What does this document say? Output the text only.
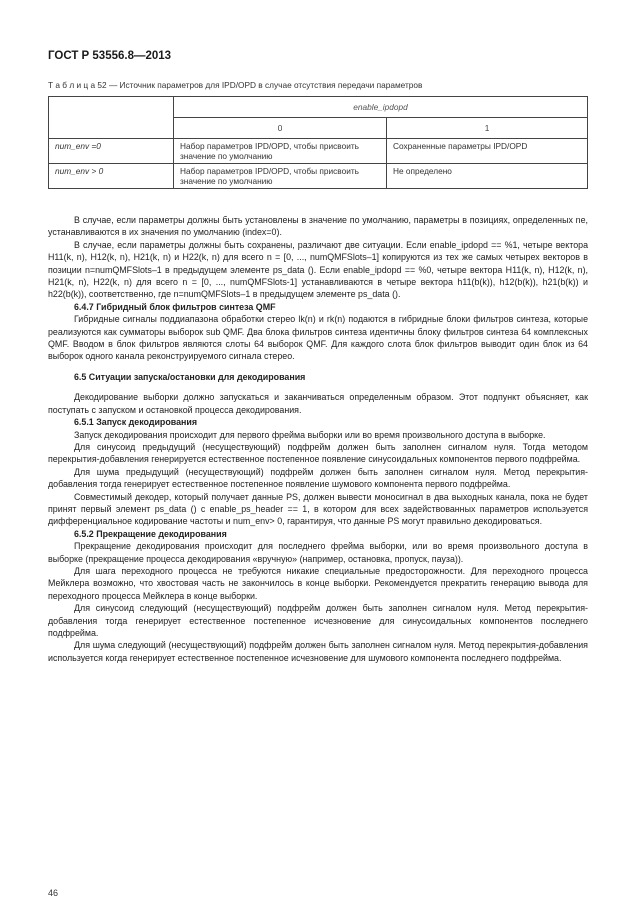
ГОСТ Р 53556.8—2013
Т а б л и ц а 52 — Источник параметров для IPD/OPD в случае отсутствия передачи параметров
	enable_ipdopd	
	0	1
num_env =0	Набор параметров IPD/OPD, чтобы присвоить значение по умолчанию	Сохраненные параметры IPD/OPD
num_env > 0	Набор параметров IPD/OPD, чтобы присвоить значение по умолчанию	Не определено

В случае, если параметры должны быть установлены в значение по умолчанию, параметры в позициях, определенных ne, устанавливаются в их значения по умолчанию (index=0).

В случае, если параметры должны быть сохранены, различают две ситуации. Если enable_ipdopd == %1, четыре вектора H11(k, n), H12(k, n), H21(k, n) и H22(k, n) для всего n = [0, ..., numQMFSlots–1] копируются из тех же самых четырех векторов в позиции n=numQMFSlots–1 в предыдущем элементе ps_data (). Если enable_ipdopd == %0, четыре вектора H11(k, n), H12(k, n), H21(k, n), H22(k, n) для всего n = [0, ..., numQMFSlots-1] устанавливаются в четыре вектора h11(b(k)), h12(b(k)), h21(b(k)) и h22(b(k)), соответственно, где n=numQMFSlots–1 в предыдущем элементе ps_data ().

6.4.7 Гибридный блок фильтров синтеза QMF

Гибридные сигналы поддиапазона обработки стерео lk(n) и rk(n) подаются в гибридные блоки фильтров синтеза, которые реализуются как сумматоры выборок sub QMF. Два блока фильтров синтеза идентичны блоку фильтров синтеза 64 комплексных QMF. Вводом в блок фильтров являются слоты 64 выборок QMF. Для каждого слота блок фильтров выводит один блок из 64 выборок одного канала реконструируемого сигнала стерео.

6.5 Ситуации запуска/остановки для декодирования

Декодирование выборки должно запускаться и заканчиваться определенным образом. Этот подпункт объясняет, как поступать с запуском и остановкой процесса декодирования.

6.5.1 Запуск декодирования

Запуск декодирования происходит для первого фрейма выборки или во время произвольного доступа в выборке.

Для синусоид предыдущий (несуществующий) подфрейм должен быть заполнен сигналом нуля. Тогда методом перекрытия-добавления генерируется естественное постепенное появление синусоидальных компонентов первого подфрейма.

Для шума предыдущий (несуществующий) подфрейм должен быть заполнен сигналом нуля. Метод перекрытия-добавления тогда генерирует естественное постепенное появление шумового компонента первого подфрейма.

Совместимый декодер, который получает данные PS, должен вывести моносигнал в два выходных канала, пока не будет принят первый элемент ps_data () с enable_ps_header == 1, в котором для всех задействованных параметров используется дифференциальное кодирование частоты и num_env> 0, гарантируя, что данные PS могут правильно декодироваться.

6.5.2 Прекращение декодирования

Прекращение декодирования происходит для последнего фрейма выборки, или во время произвольного доступа в выборке (прекращение процесса декодирования «вручную» (например, остановка, пропуск, пауза)).

Для шага переходного процесса не требуются никакие специальные предосторожности. Для переходного процесса Мейклера возможно, что хвостовая часть не закончилось в конце выборки. Рекомендуется прекратить генерацию вывода для переходного процесса Мейклера в конце выборки.

Для синусоид следующий (несуществующий) подфрейм должен быть заполнен сигналом нуля. Метод перекрытия-добавления тогда генерирует естественное постепенное исчезновение для синусоидальных компонентов последнего подфрейма.

Для шума следующий (несуществующий) подфрейм должен быть заполнен сигналом нуля. Метод перекрытия-добавления используется когда генерирует естественное постепенное исчезновение для шумового компонента последнего подфрейма.

46
